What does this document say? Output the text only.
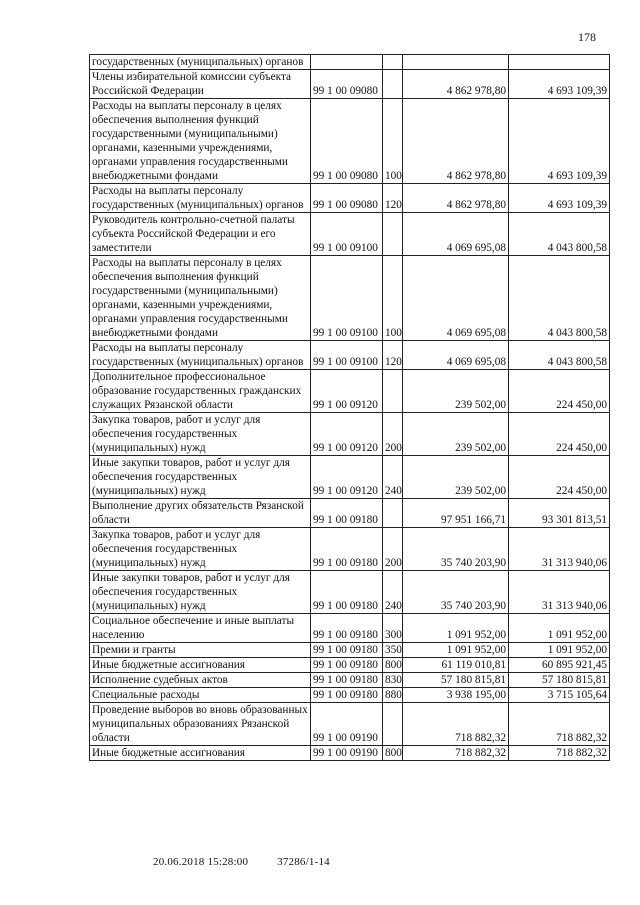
178
государственных (муниципальных) органов				
Члены избирательной комиссии субъекта Российской Федерации	99 1 00 09080		4 862 978,80	4 693 109,39
Расходы на выплаты персоналу в целях обеспечения выполнения функций государственными (муниципальными) органами, казенными учреждениями, органами управления государственными внебюджетными фондами	99 1 00 09080	100	4 862 978,80	4 693 109,39
Расходы на выплаты персоналу государственных (муниципальных) органов	99 1 00 09080	120	4 862 978,80	4 693 109,39
Руководитель контрольно-счетной палаты субъекта Российской Федерации и его заместители	99 1 00 09100		4 069 695,08	4 043 800,58
Расходы на выплаты персоналу в целях обеспечения выполнения функций государственными (муниципальными) органами, казенными учреждениями, органами управления государственными внебюджетными фондами	99 1 00 09100	100	4 069 695,08	4 043 800,58
Расходы на выплаты персоналу государственных (муниципальных) органов	99 1 00 09100	120	4 069 695,08	4 043 800,58
Дополнительное профессиональное образование государственных гражданских служащих Рязанской области	99 1 00 09120		239 502,00	224 450,00
Закупка товаров, работ и услуг для обеспечения государственных (муниципальных) нужд	99 1 00 09120	200	239 502,00	224 450,00
Иные закупки товаров, работ и услуг для обеспечения государственных (муниципальных) нужд	99 1 00 09120	240	239 502,00	224 450,00
Выполнение других обязательств Рязанской области	99 1 00 09180		97 951 166,71	93 301 813,51
Закупка товаров, работ и услуг для обеспечения государственных (муниципальных) нужд	99 1 00 09180	200	35 740 203,90	31 313 940,06
Иные закупки товаров, работ и услуг для обеспечения государственных (муниципальных) нужд	99 1 00 09180	240	35 740 203,90	31 313 940,06
Социальное обеспечение и иные выплаты населению	99 1 00 09180	300	1 091 952,00	1 091 952,00
Премии и гранты	99 1 00 09180	350	1 091 952,00	1 091 952,00
Иные бюджетные ассигнования	99 1 00 09180	800	61 119 010,81	60 895 921,45
Исполнение судебных актов	99 1 00 09180	830	57 180 815,81	57 180 815,81
Специальные расходы	99 1 00 09180	880	3 938 195,00	3 715 105,64
Проведение выборов во вновь образованных муниципальных образованиях Рязанской области	99 1 00 09190		718 882,32	718 882,32
Иные бюджетные ассигнования	99 1 00 09190	800	718 882,32	718 882,32
20.06.2018 15:28:00	37286/1-14
